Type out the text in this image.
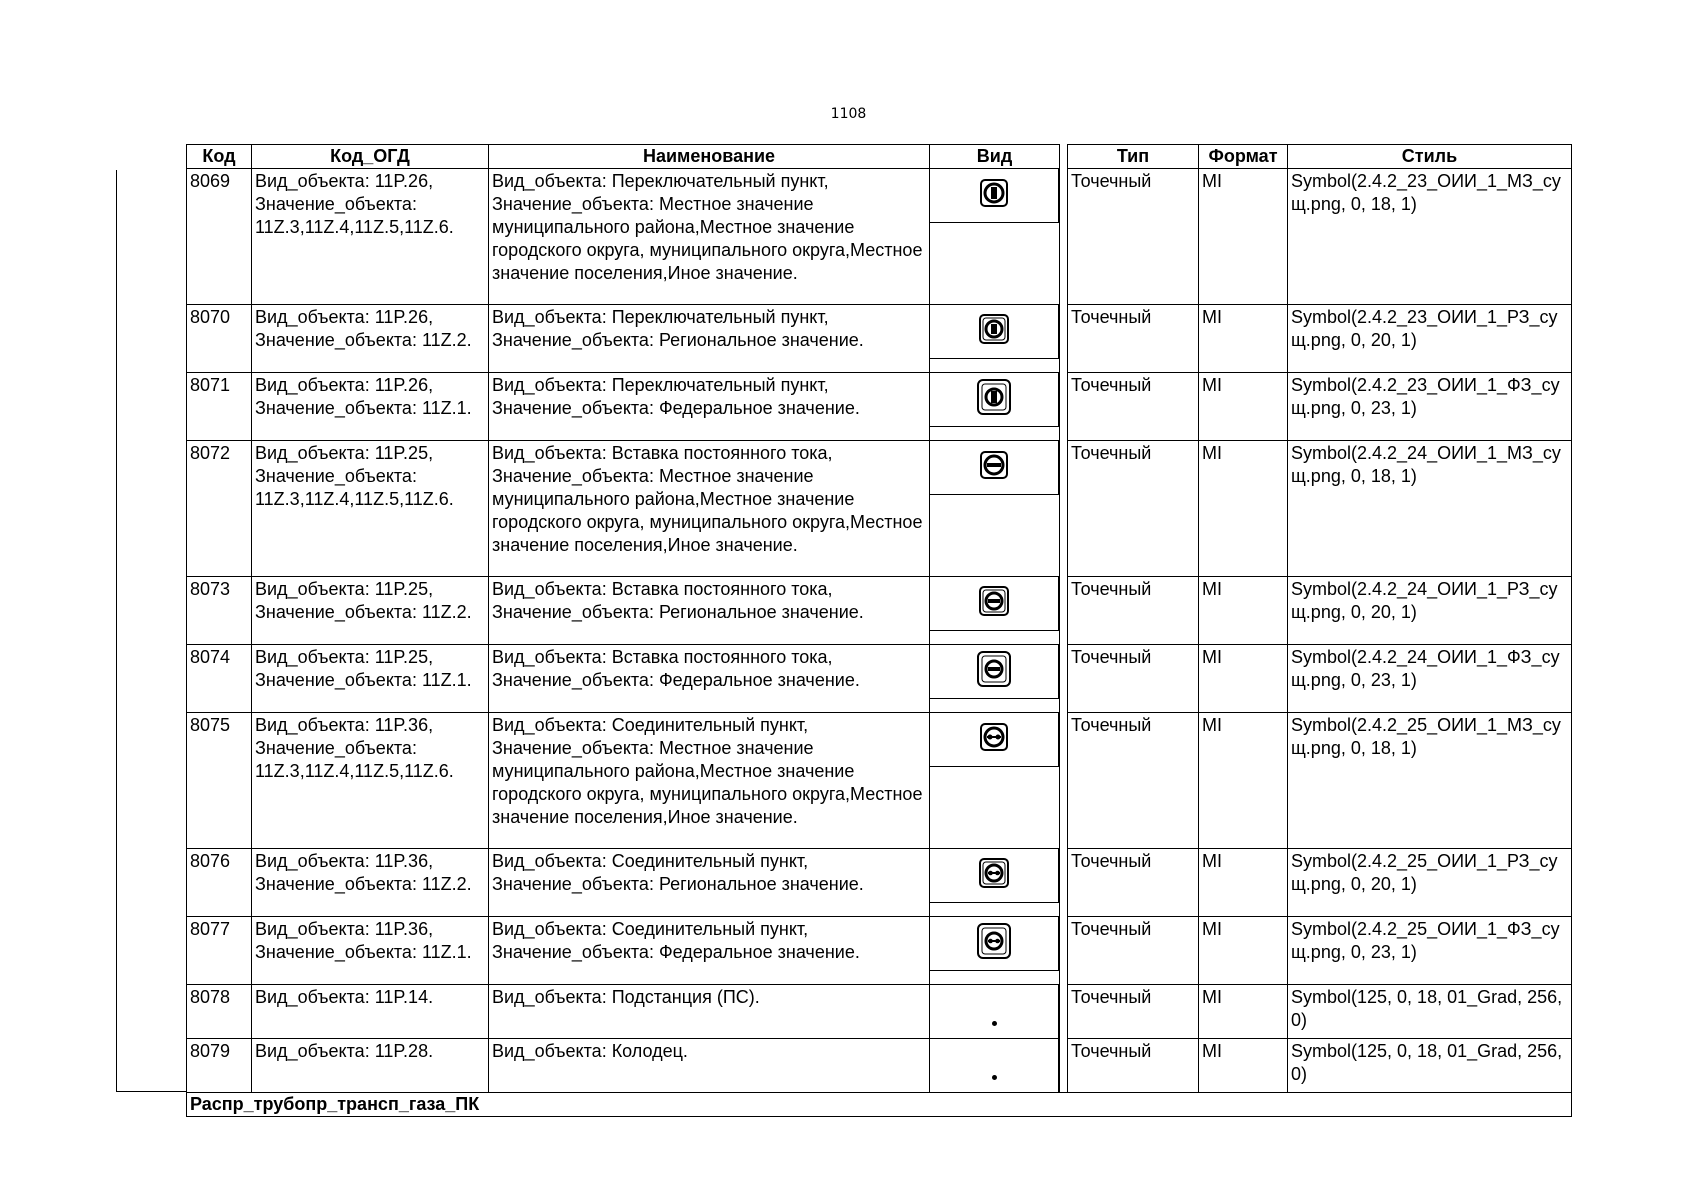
1108
Код	Код_ОГД	Наименование	Вид		Тип	Формат	Стиль
8069	Вид_объекта: 11P.26, Значение_объекта: 11Z.3,11Z.4,11Z.5,11Z.6.	Вид_объекта: Переключательный пункт, Значение_объекта: Местное значение муниципального района,Местное значение городского округа, муниципального округа,Местное значение поселения,Иное значение.			Точечный	MI	Symbol(2.4.2_23_ОИИ_1_МЗ_сущ.png, 0, 18, 1)
8070	Вид_объекта: 11P.26, Значение_объекта: 11Z.2.	Вид_объекта: Переключательный пункт, Значение_объекта: Региональное значение.			Точечный	MI	Symbol(2.4.2_23_ОИИ_1_РЗ_сущ.png, 0, 20, 1)
8071	Вид_объекта: 11P.26, Значение_объекта: 11Z.1.	Вид_объекта: Переключательный пункт, Значение_объекта: Федеральное значение.			Точечный	MI	Symbol(2.4.2_23_ОИИ_1_ФЗ_сущ.png, 0, 23, 1)
8072	Вид_объекта: 11P.25, Значение_объекта: 11Z.3,11Z.4,11Z.5,11Z.6.	Вид_объекта: Вставка постоянного тока, Значение_объекта: Местное значение муниципального района,Местное значение городского округа, муниципального округа,Местное значение поселения,Иное значение.			Точечный	MI	Symbol(2.4.2_24_ОИИ_1_МЗ_сущ.png, 0, 18, 1)
8073	Вид_объекта: 11P.25, Значение_объекта: 11Z.2.	Вид_объекта: Вставка постоянного тока, Значение_объекта: Региональное значение.			Точечный	MI	Symbol(2.4.2_24_ОИИ_1_РЗ_сущ.png, 0, 20, 1)
8074	Вид_объекта: 11P.25, Значение_объекта: 11Z.1.	Вид_объекта: Вставка постоянного тока, Значение_объекта: Федеральное значение.			Точечный	MI	Symbol(2.4.2_24_ОИИ_1_ФЗ_сущ.png, 0, 23, 1)
8075	Вид_объекта: 11P.36, Значение_объекта: 11Z.3,11Z.4,11Z.5,11Z.6.	Вид_объекта: Соединительный пункт, Значение_объекта: Местное значение муниципального района,Местное значение городского округа, муниципального округа,Местное значение поселения,Иное значение.			Точечный	MI	Symbol(2.4.2_25_ОИИ_1_МЗ_сущ.png, 0, 18, 1)
8076	Вид_объекта: 11P.36, Значение_объекта: 11Z.2.	Вид_объекта: Соединительный пункт, Значение_объекта: Региональное значение.			Точечный	MI	Symbol(2.4.2_25_ОИИ_1_РЗ_сущ.png, 0, 20, 1)
8077	Вид_объекта: 11P.36, Значение_объекта: 11Z.1.	Вид_объекта: Соединительный пункт, Значение_объекта: Федеральное значение.			Точечный	MI	Symbol(2.4.2_25_ОИИ_1_ФЗ_сущ.png, 0, 23, 1)
8078	Вид_объекта: 11P.14.	Вид_объекта: Подстанция (ПС).			Точечный	MI	Symbol(125, 0, 18, 01_Grad, 256, 0)
8079	Вид_объекта: 11P.28.	Вид_объекта: Колодец.			Точечный	MI	Symbol(125, 0, 18, 01_Grad, 256, 0)
Распр_трубопр_трансп_газа_ПК							
